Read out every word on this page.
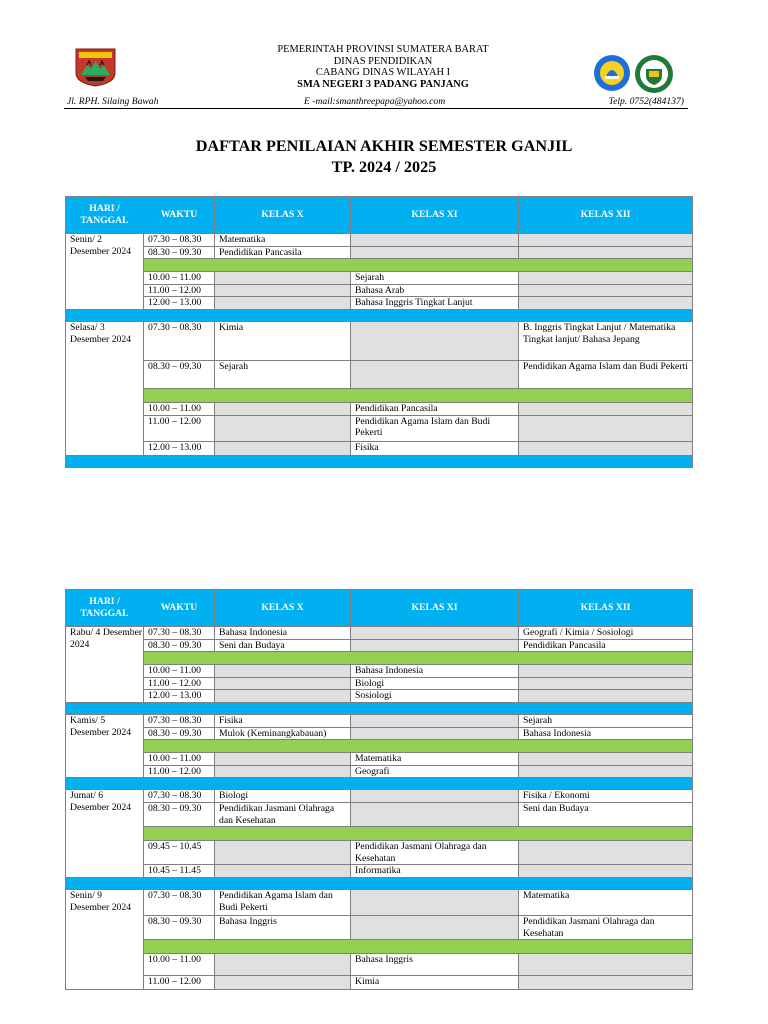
PEMERINTAH PROVINSI SUMATERA BARAT
DINAS PENDIDIKAN
CABANG DINAS WILAYAH I
SMA NEGERI 3 PADANG PANJANG
Jl. RPH. Silaing Bawah	E -mail:smanthreepapa@yahoo.com	Telp. 0752(484137)
DAFTAR PENILAIAN AKHIR SEMESTER GANJIL
TP. 2024 / 2025
HARI / TANGGAL	WAKTU	KELAS X	KELAS XI	KELAS XII
Senin/ 2 Desember 2024	07.30 – 08.30	Matematika		
	08.30 – 09.30	Pendidikan Pancasila		

	10.00 – 11.00		Sejarah	
	11.00 – 12.00		Bahasa Arab	
	12.00 – 13.00		Bahasa Inggris Tingkat Lanjut	

Selasa/ 3 Desember 2024	07.30 – 08.30	Kimia		B. Inggris Tingkat Lanjut / Matematika Tingkat lanjut/ Bahasa Jepang
	08.30 – 09.30	Sejarah		Pendidikan Agama Islam dan Budi Pekerti

	10.00 – 11.00		Pendidikan Pancasila	
	11.00 – 12.00		Pendidikan Agama Islam dan Budi Pekerti	
	12.00 – 13.00		Fisika	

HARI / TANGGAL	WAKTU	KELAS X	KELAS XI	KELAS XII
Rabu/ 4 Desember 2024	07.30 – 08.30	Bahasa Indonesia		Geografi / Kimia / Sosiologi
	08.30 – 09.30	Seni dan Budaya		Pendidikan Pancasila

	10.00 – 11.00		Bahasa Indonesia	
	11.00 – 12.00		Biologi	
	12.00 – 13.00		Sosiologi	

Kamis/ 5 Desember 2024	07.30 – 08.30	Fisika		Sejarah
	08.30 – 09.30	Mulok (Keminangkabauan)		Bahasa Indonesia

	10.00 – 11.00		Matematika	
	11.00 – 12.00		Geografi	

Jumat/ 6 Desember 2024	07.30 – 08.30	Biologi		Fisika / Ekonomi
	08.30 – 09.30	Pendidikan Jasmani Olahraga dan Kesehatan		Seni dan Budaya

	09.45 – 10.45		Pendidikan Jasmani Olahraga dan Kesehatan	
	10.45 – 11.45		Informatika	

Senin/ 9 Desember 2024	07.30 – 08.30	Pendidikan Agama Islam dan Budi Pekerti		Matematika
	08.30 – 09.30	Bahasa Inggris		Pendidikan Jasmani Olahraga dan Kesehatan

	10.00 – 11.00		Bahasa Inggris	
	11.00 – 12.00		Kimia	
